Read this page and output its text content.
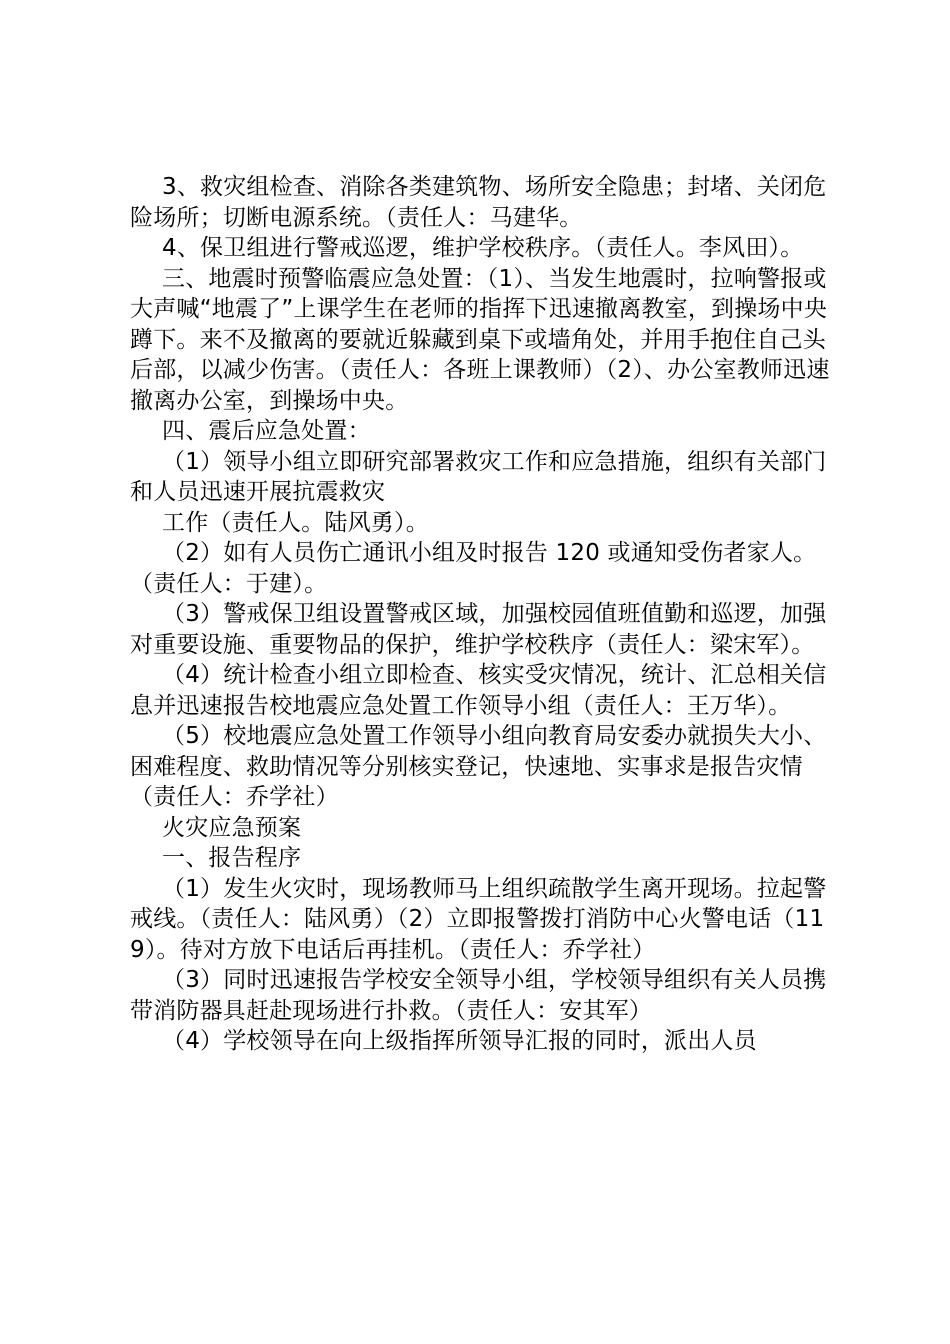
3、救灾组检查、消除各类建筑物、场所安全隐患；封堵、关闭危险场所；切断电源系统。（责任人：马建华。

4、保卫组进行警戒巡逻，维护学校秩序。（责任人。李风田）。

三、地震时预警临震应急处置：（1）、当发生地震时，拉响警报或大声喊“地震了”上课学生在老师的指挥下迅速撤离教室，到操场中央蹲下。来不及撤离的要就近躲藏到桌下或墙角处，并用手抱住自己头后部，以减少伤害。（责任人：各班上课教师）（2）、办公室教师迅速撤离办公室，到操场中央。

四、震后应急处置：

（1）领导小组立即研究部署救灾工作和应急措施，组织有关部门和人员迅速开展抗震救灾

工作（责任人。陆风勇）。

（2）如有人员伤亡通讯小组及时报告 120 或通知受伤者家人。（责任人：于建）。

（3）警戒保卫组设置警戒区域，加强校园值班值勤和巡逻，加强对重要设施、重要物品的保护，维护学校秩序（责任人：梁宋军）。

（4）统计检查小组立即检查、核实受灾情况，统计、汇总相关信息并迅速报告校地震应急处置工作领导小组（责任人：王万华）。

（5）校地震应急处置工作领导小组向教育局安委办就损失大小、困难程度、救助情况等分别核实登记，快速地、实事求是报告灾情（责任人：乔学社）

火灾应急预案

一、报告程序

（1）发生火灾时，现场教师马上组织疏散学生离开现场。拉起警戒线。（责任人：陆风勇）（2）立即报警拨打消防中心火警电话（119）。待对方放下电话后再挂机。（责任人：乔学社）

（3）同时迅速报告学校安全领导小组，学校领导组织有关人员携带消防器具赶赴现场进行扑救。（责任人：安其军）

（4）学校领导在向上级指挥所领导汇报的同时，派出人员
